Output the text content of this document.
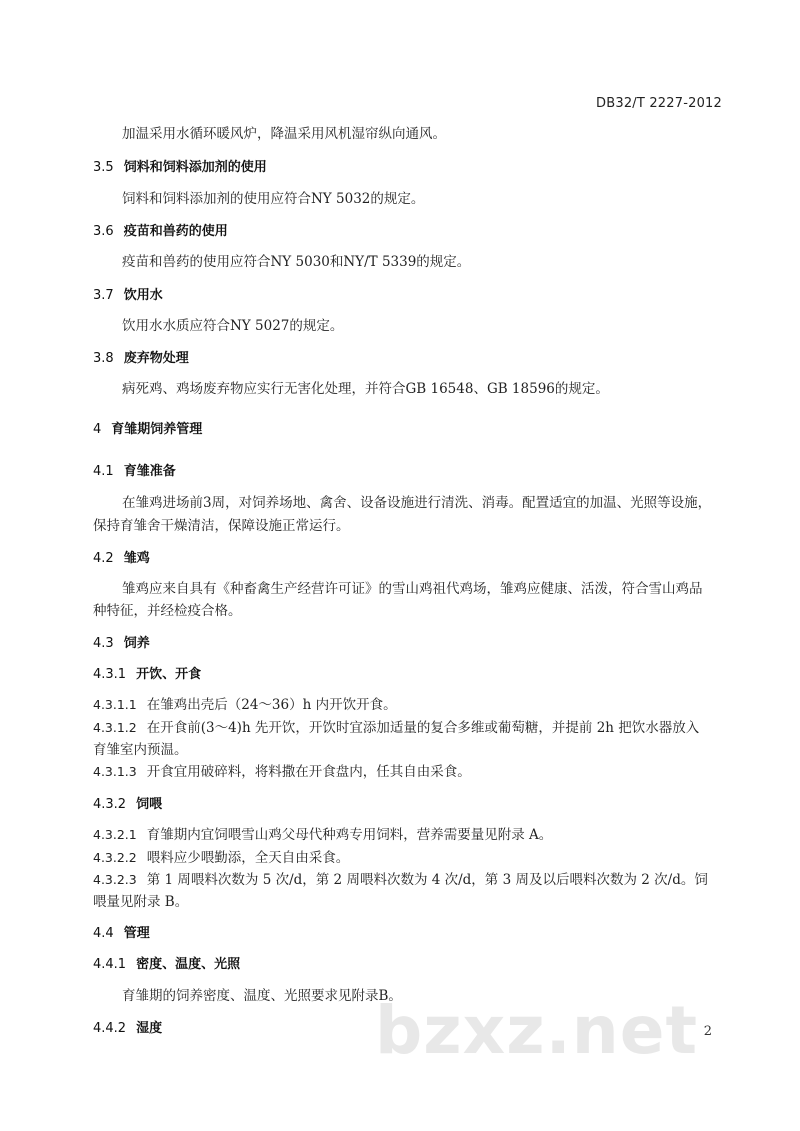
DB32/T 2227-2012
加温采用水循环暖风炉，降温采用风机湿帘纵向通风。
3.5 饲料和饲料添加剂的使用
饲料和饲料添加剂的使用应符合NY 5032的规定。
3.6 疫苗和兽药的使用
疫苗和兽药的使用应符合NY 5030和NY/T 5339的规定。
3.7 饮用水
饮用水水质应符合NY 5027的规定。
3.8 废弃物处理
病死鸡、鸡场废弃物应实行无害化处理，并符合GB 16548、GB 18596的规定。
4 育雏期饲养管理
4.1 育雏准备
在雏鸡进场前3周，对饲养场地、禽舍、设备设施进行清洗、消毒。配置适宜的加温、光照等设施，
保持育雏舍干燥清洁，保障设施正常运行。
4.2 雏鸡
雏鸡应来自具有《种畜禽生产经营许可证》的雪山鸡祖代鸡场，雏鸡应健康、活泼，符合雪山鸡品
种特征，并经检疫合格。
4.3 饲养
4.3.1 开饮、开食
4.3.1.1 在雏鸡出壳后（24～36）h 内开饮开食。
4.3.1.2 在开食前(3～4)h 先开饮，开饮时宜添加适量的复合多维或葡萄糖，并提前 2h 把饮水器放入
育雏室内预温。
4.3.1.3 开食宜用破碎料，将料撒在开食盘内，任其自由采食。
4.3.2 饲喂
4.3.2.1 育雏期内宜饲喂雪山鸡父母代种鸡专用饲料，营养需要量见附录 A。
4.3.2.2 喂料应少喂勤添，全天自由采食。
4.3.2.3 第 1 周喂料次数为 5 次/d，第 2 周喂料次数为 4 次/d，第 3 周及以后喂料次数为 2 次/d。饲
喂量见附录 B。
4.4 管理
4.4.1 密度、温度、光照
育雏期的饲养密度、温度、光照要求见附录B。
4.4.2 湿度	bzxz.net 2
